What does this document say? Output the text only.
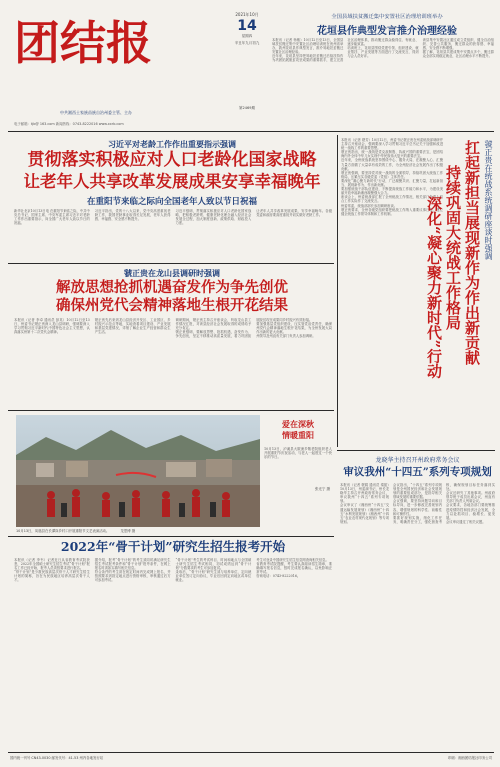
团结报
2021年10月
14
星期四
辛丑年九月初九
第2469期
中共湘西土家族苗族自治州委主管、主办
电子邮箱：tjb@ 163.com 新闻热线：0743-8222016 www.xxrb.com
全国县域扶贫搬迁集中安置社区治理培训班举办
花垣县作典型发言推介治理经验
本报讯（记者 杨敏）10月12日至13日，全国县域扶贫搬迁集中安置社区治理培训班在贵州省举办，我州花垣县作典型发言，推介易地扶贫搬迁安置社区治理经验。
近年来，花垣县坚持把易地扶贫搬迁后续扶持作为巩固拓展脱贫攻坚成果的重要抓手，建立完善社区治理体系，推动搬迁群众稳得住、有就业、逐步能致富。
培训班上，花垣县围绕党建引领、组织建设、就业帮扶、产业发展等方面进行了交流发言，得到与会人员好评。
该县集中安置社区通过成立党组织、健全自治组织、完善公共服务，搬迁群众的获得感、幸福感、安全感不断增强。
据了解，花垣县共建成集中安置点多个，搬迁群众全部实现稳定就业，社区治理水平不断提升。
习近平对老龄工作作出重要指示强调
贯彻落实积极应对人口老龄化国家战略
让老年人共享改革发展成果安享幸福晚年
在重阳节来临之际向全国老年人致以节日祝福
新华社北京10月13日电 在重阳节来临之际，中共中央总书记、国家主席、中央军委主席习近平对老龄工作作出重要指示，向全国广大老年人致以节日的祝福。
习近平指出，党的十八大以来，党中央高度重视老龄工作，我国老龄事业取得长足发展，老年人获得感、幸福感、安全感不断提升。
习近平强调，贯彻落实积极应对人口老龄化国家战略，把积极老龄观、健康老龄化理念融入经济社会发展全过程，加大制度创新、政策供给、财政投入力度。
让老年人共享改革发展成果、安享幸福晚年。各级党委和政府要高度重视并切实做好老龄工作。
虢正贵在龙山县调研时强调
解放思想抢抓机遇奋发作为争先创优
确保州党代会精神落地生根开花结果
本报讯（记者 李卓 通讯员 彭英）10月12日至13日，州委书记虢正贵深入龙山县调研，强调要深入学习贯彻习近平新时代中国特色社会主义思想，认真落实州第十二次党代会精神。
虢正贵先后来到龙山县经济开发区、工业园区、乡村振兴示范点等地，实地查看项目建设、产业发展和基层党建情况，详细了解企业生产经营和群众生产生活。
调研期间，虢正贵主持召开座谈会，听取龙山县工作情况汇报，对该县经济社会发展取得的成绩给予充分肯定。
虢正贵强调，要解放思想、抢抓机遇，奋发作为、争先创优，坚定不移推动高质量发展，着力巩固拓展脱贫攻坚成果同乡村振兴有效衔接。
要加强基层党组织建设，压实管党治党责任，确保州党代会精神落地生根开花结果，为全州发展大局作出新的更大贡献。
州领导及州直有关部门负责人参加调研。
爱在深秋
情暖重阳
10月13日，泸溪县大陂流乡敬老院组织老人开展重阳节庆祝活动，与老人一起度过一个快乐的节日。
张光宁 摄
10月13日，凤凰县在长潭岗乡村口开展重阳节文艺表演活动。	龙思博 摄
2022年“骨干计划”研究生招生报考开始
本报讯（记者 李韦）记者近日从省教育考试院获悉，2022年全国硕士研究生招生考试“骨干计划”报名工作已经开始，报考人员须按要求进行报名。
“骨干计划”是少数民族高层次骨干人才研究生招生计划的简称，旨在为民族地区培养高层次骨干人才。
据介绍，报考“骨干计划”的考生须同时满足研究生招生考试报考条件和“骨干计划”报考条件，在网上报名时须如实填写相关信息。
符合条件的考生须在规定时间内完成网上报名，并按照要求到指定地点进行资格审核，审核通过后方可参加考试。
“骨干计划”考生的考试科目、时间和地点与全国硕士研究生招生考试相同，初试成绩达到“骨干计划”分数要求的考生可参加复试。
录取后，“骨干计划”研究生须与培养单位、定向就业单位签订定向协议，毕业后回到定向地区或单位就业。
考生可登录中国研究生招生信息网查询相关信息。
省教育考试院提醒，考生要认真阅读招生简章，准确填写报名信息，按时完成报名确认，以免影响正常考试。
咨询电话：0743-8222016。
本报讯（记者 虢芳）10月12日，州委书记虢正贵在州委统战部调研并主持召开座谈会，强调要深入学习贯彻习近平总书记关于加强和改进统一战线工作的重要思想。
虢正贵指出，统一战线是党克敌制胜、执政兴国的重要法宝，是团结海内外全体中华儿女实现中华民族伟大复兴的重要法宝。
近年来，全州统战系统坚持围绕中心、服务大局，在凝聚人心、汇聚力量方面做了大量卓有成效的工作，为全州经济社会发展作出了积极贡献。
虢正贵强调，要坚持党对统一战线的全面领导，持续巩固大统战工作格局，压紧压实各级党委（党组）主体责任。
要深化“凝心聚力新时代”行动，广泛凝聚共识、汇聚力量，扛起新担当、展现新作为、作出新贡献。
要加强统战干部队伍建设，不断提高统战工作能力和水平，为建设美丽开放幸福新湘西凝聚强大合力。
座谈会上，州委统战部汇报了全州统战工作情况，相关部门负责人结合工作实际作了交流发言。
州委常委、统战部部长参加调研座谈。
虢正贵要求，全州各级党组织要把统战工作纳入重要议事日程，建立健全统战工作领导体制和工作机制。	虢正贵在统战系统调研座谈时强调
扛起新担当展现新作为作出新贡献
持续巩固大统战工作格局
深化“凝心聚力新时代”行动
龙晓华主持召开州政府常务会议
审议我州“十四五”系列专项规划
本报讯（记者 虢娟 通讯员 秦振）10月13日，州委副书记、州长龙晓华主持召开州政府常务会议，审议我州“十四五”系列专项规划。
会议审议了《湘西州“十四五”交通运输发展规划》《湘西州“十四五”水利发展规划》《湘西州“十四五”农业农村现代化规划》等专项规划。
会议指出，“十四五”系列专项规划是全州国民经济和社会发展规划的重要组成部分，是指导相关领域发展的重要依据。
会议强调，要坚持问题导向和目标导向，进一步修改完善规划内容，增强规划的科学性、前瞻性和可操作性。
要抓好规划实施，细化工作任务，明确责任分工，强化督查考核，确保规划目标任务落到实处。
会议还研究了其他事项。州政府领导班子成员出席会议，州直有关部门负责人列席会议。
会议要求，各地各部门要统筹推进疫情防控和经济社会发展，全力以赴抓项目、稳增长、促发展。
会议审议通过了相关议题。
国内统一刊号 CN43-0030 邮发代号：41-53 州内各地发行站	印刷：湘西团结报社印务公司
